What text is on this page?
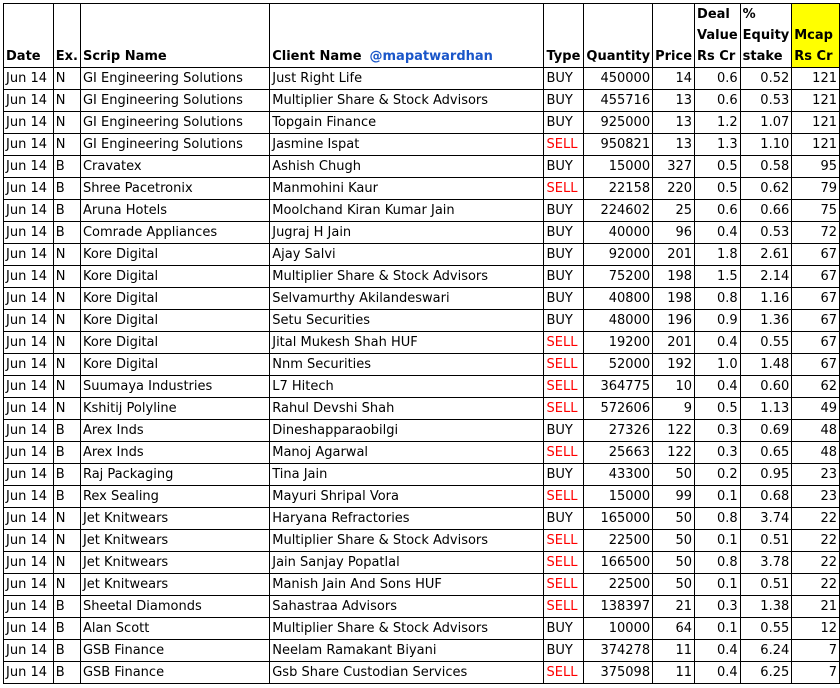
Date	Ex.	Scrip Name	Client Name @mapatwardhan	Type	Quantity	Price	Deal Value Rs Cr	% Equity stake	Mcap Rs Cr
Jun 14	N	GI Engineering Solutions	Just Right Life	BUY	450000	14	0.6	0.52	121
Jun 14	N	GI Engineering Solutions	Multiplier Share & Stock Advisors	BUY	455716	13	0.6	0.53	121
Jun 14	N	GI Engineering Solutions	Topgain Finance	BUY	925000	13	1.2	1.07	121
Jun 14	N	GI Engineering Solutions	Jasmine Ispat	SELL	950821	13	1.3	1.10	121
Jun 14	B	Cravatex	Ashish Chugh	BUY	15000	327	0.5	0.58	95
Jun 14	B	Shree Pacetronix	Manmohini Kaur	SELL	22158	220	0.5	0.62	79
Jun 14	B	Aruna Hotels	Moolchand Kiran Kumar Jain	BUY	224602	25	0.6	0.66	75
Jun 14	B	Comrade Appliances	Jugraj H Jain	BUY	40000	96	0.4	0.53	72
Jun 14	N	Kore Digital	Ajay Salvi	BUY	92000	201	1.8	2.61	67
Jun 14	N	Kore Digital	Multiplier Share & Stock Advisors	BUY	75200	198	1.5	2.14	67
Jun 14	N	Kore Digital	Selvamurthy Akilandeswari	BUY	40800	198	0.8	1.16	67
Jun 14	N	Kore Digital	Setu Securities	BUY	48000	196	0.9	1.36	67
Jun 14	N	Kore Digital	Jital Mukesh Shah HUF	SELL	19200	201	0.4	0.55	67
Jun 14	N	Kore Digital	Nnm Securities	SELL	52000	192	1.0	1.48	67
Jun 14	N	Suumaya Industries	L7 Hitech	SELL	364775	10	0.4	0.60	62
Jun 14	N	Kshitij Polyline	Rahul Devshi Shah	SELL	572606	9	0.5	1.13	49
Jun 14	B	Arex Inds	Dineshapparaobilgi	BUY	27326	122	0.3	0.69	48
Jun 14	B	Arex Inds	Manoj Agarwal	SELL	25663	122	0.3	0.65	48
Jun 14	B	Raj Packaging	Tina Jain	BUY	43300	50	0.2	0.95	23
Jun 14	B	Rex Sealing	Mayuri Shripal Vora	SELL	15000	99	0.1	0.68	23
Jun 14	N	Jet Knitwears	Haryana Refractories	BUY	165000	50	0.8	3.74	22
Jun 14	N	Jet Knitwears	Multiplier Share & Stock Advisors	SELL	22500	50	0.1	0.51	22
Jun 14	N	Jet Knitwears	Jain Sanjay Popatlal	SELL	166500	50	0.8	3.78	22
Jun 14	N	Jet Knitwears	Manish Jain And Sons HUF	SELL	22500	50	0.1	0.51	22
Jun 14	B	Sheetal Diamonds	Sahastraa Advisors	SELL	138397	21	0.3	1.38	21
Jun 14	B	Alan Scott	Multiplier Share & Stock Advisors	BUY	10000	64	0.1	0.55	12
Jun 14	B	GSB Finance	Neelam Ramakant Biyani	BUY	374278	11	0.4	6.24	7
Jun 14	B	GSB Finance	Gsb Share Custodian Services	SELL	375098	11	0.4	6.25	7
